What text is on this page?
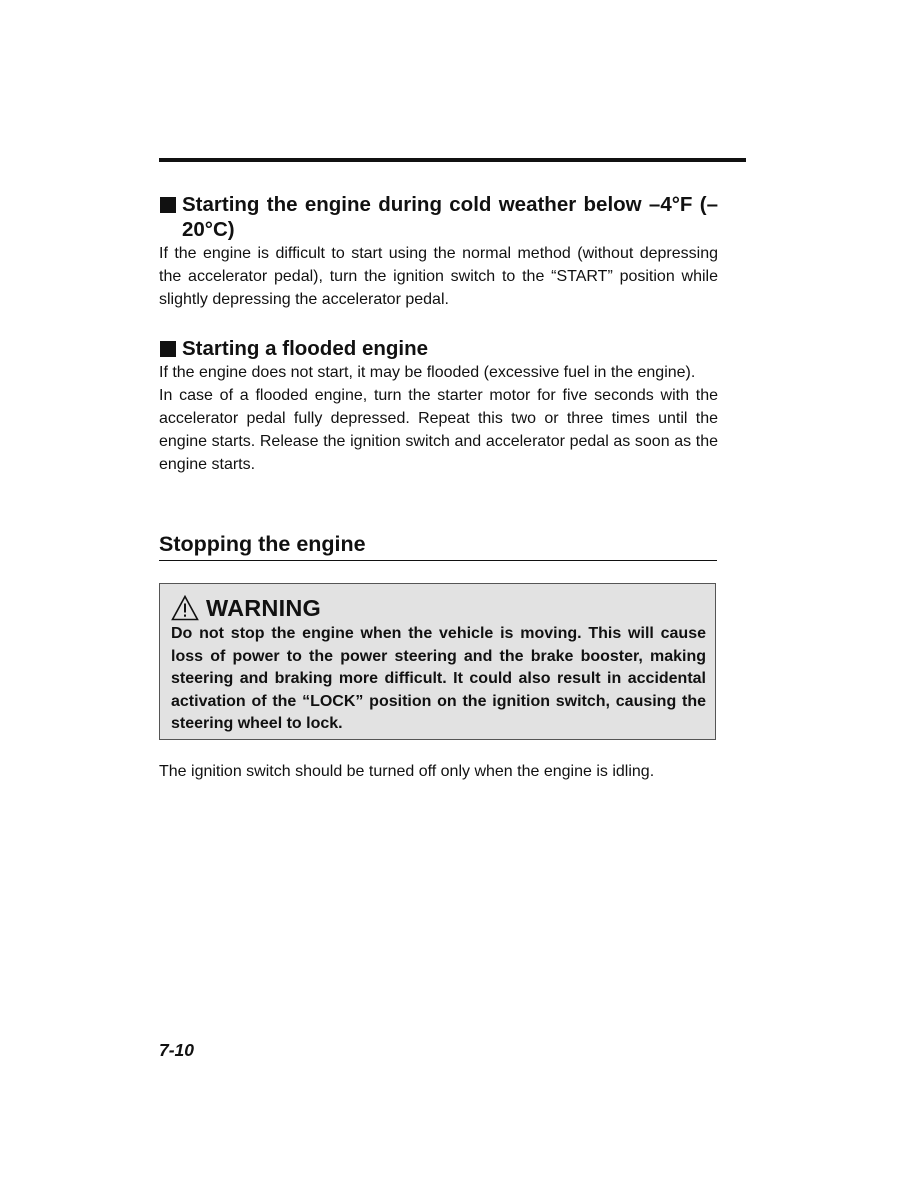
Starting the engine during cold weather below –4°F (–20°C)

If the engine is difficult to start using the normal method (without depressing the accelerator pedal), turn the ignition switch to the “START” position while slightly depressing the accelerator pedal.

Starting a flooded engine

If the engine does not start, it may be flooded (excessive fuel in the engine).

In case of a flooded engine, turn the starter motor for five seconds with the accelerator pedal fully depressed. Repeat this two or three times until the engine starts. Release the ignition switch and accelerator pedal as soon as the engine starts.

Stopping the engine
WARNING
Do not stop the engine when the vehicle is moving. This will cause loss of power to the power steering and the brake booster, making steering and braking more difficult. It could also result in accidental activation of the “LOCK” position on the ignition switch, causing the steering wheel to lock.

The ignition switch should be turned off only when the engine is idling.

7-10
